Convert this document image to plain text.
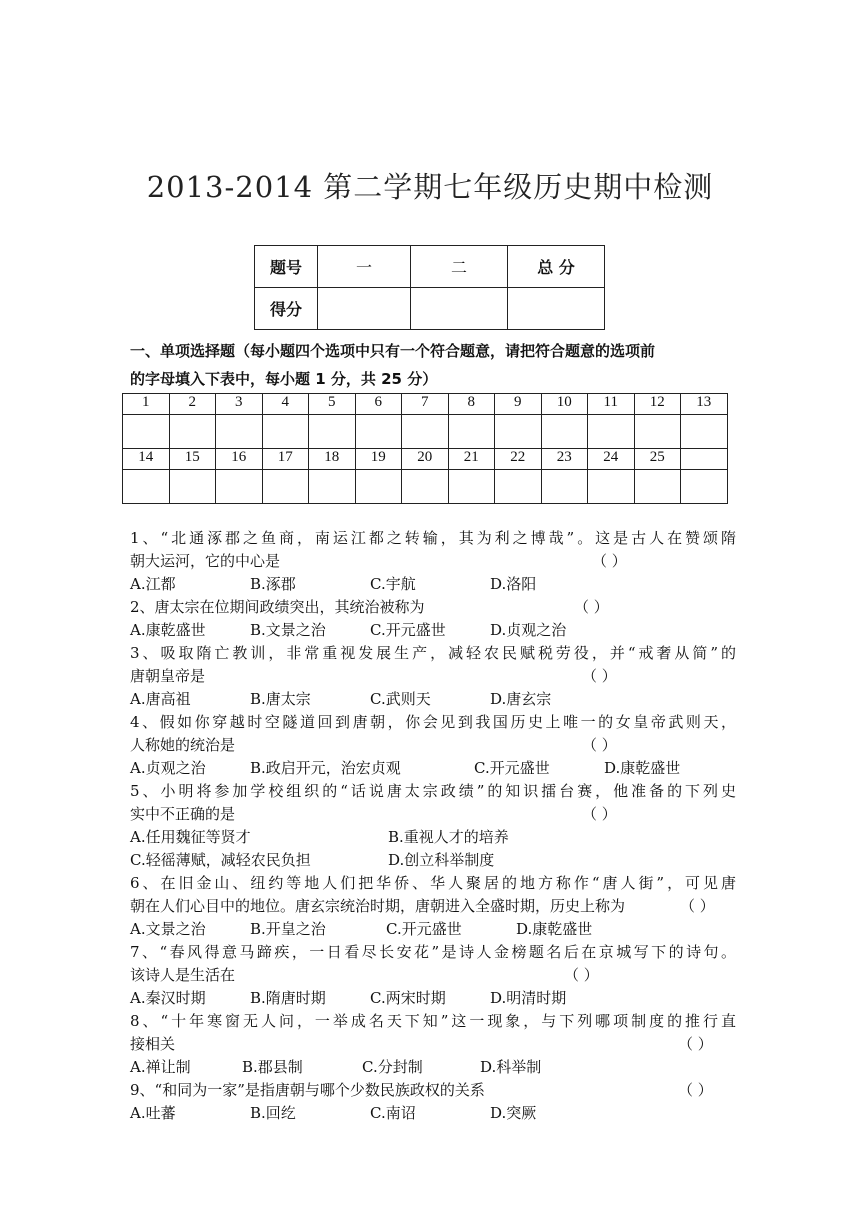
2013-2014 第二学期七年级历史期中检测
题号	一	二	总 分
得分			
一、单项选择题（每小题四个选项中只有一个符合题意，请把符合题意的选项前
的字母填入下表中，每小题 1 分，共 25 分）
1	2	3	4	5	6	7	8	9	10	11	12	13

14	15	16	17	18	19	20	21	22	23	24	25	

1、“北通涿郡之鱼商，南运江都之转输，其为利之博哉”。这是古人在赞颂隋
朝大运河，它的中心是	（ ）
A.江都	B.涿郡	C.宇航	D.洛阳
2、唐太宗在位期间政绩突出，其统治被称为	（ ）
A.康乾盛世	B.文景之治	C.开元盛世	D.贞观之治
3、吸取隋亡教训，非常重视发展生产，减轻农民赋税劳役，并“戒奢从简”的
唐朝皇帝是	（ ）
A.唐高祖	B.唐太宗	C.武则天	D.唐玄宗
4、假如你穿越时空隧道回到唐朝，你会见到我国历史上唯一的女皇帝武则天，
人称她的统治是	（ ）
A.贞观之治	B.政启开元，治宏贞观	C.开元盛世	D.康乾盛世
5、小明将参加学校组织的“话说唐太宗政绩”的知识擂台赛，他准备的下列史
实中不正确的是	（ ）
A.任用魏征等贤才	B.重视人才的培养
C.轻徭薄赋，减轻农民负担	D.创立科举制度
6、在旧金山、纽约等地人们把华侨、华人聚居的地方称作“唐人街”，可见唐
朝在人们心目中的地位。唐玄宗统治时期，唐朝进入全盛时期，历史上称为	（ ）
A.文景之治	B.开皇之治	C.开元盛世	D.康乾盛世
7、“春风得意马蹄疾，一日看尽长安花”是诗人金榜题名后在京城写下的诗句。
该诗人是生活在	（ ）
A.秦汉时期	B.隋唐时期	C.两宋时期	D.明清时期
8、“十年寒窗无人问，一举成名天下知”这一现象，与下列哪项制度的推行直
接相关	（ ）
A.禅让制	B.郡县制	C.分封制	D.科举制
9、“和同为一家”是指唐朝与哪个少数民族政权的关系	（ ）
A.吐蕃	B.回纥	C.南诏	D.突厥
